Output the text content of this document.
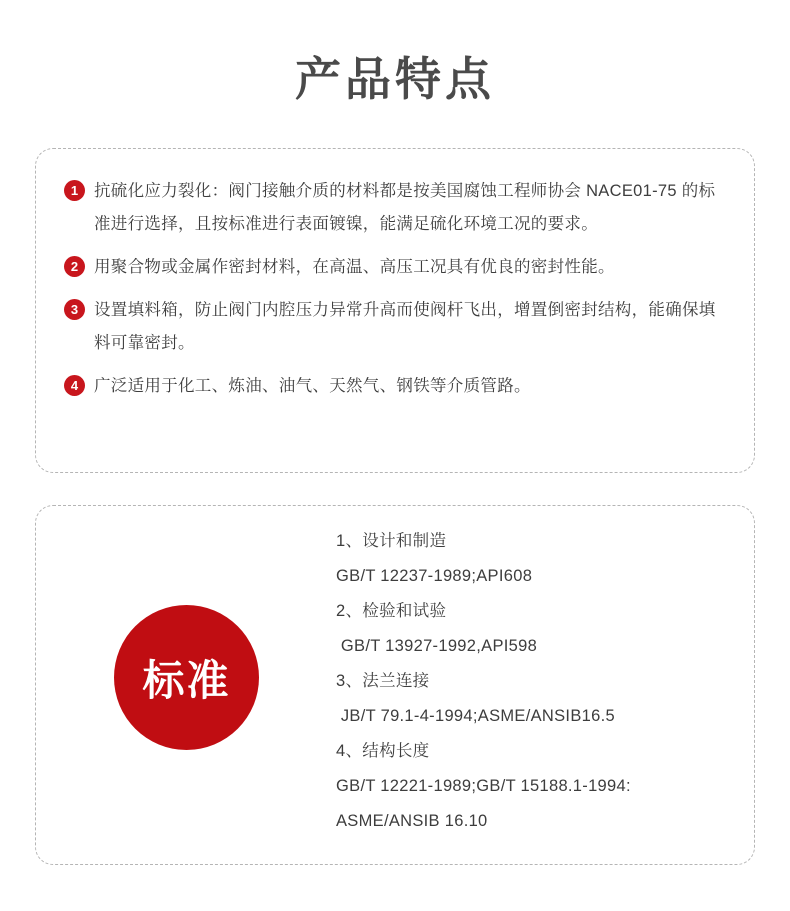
产品特点
1 抗硫化应力裂化：阀门接触介质的材料都是按美国腐蚀工程师协会 NACE01-75 的标准进行选择，且按标准进行表面镀镍，能满足硫化环境工况的要求。
2 用聚合物或金属作密封材料，在高温、高压工况具有优良的密封性能。
3 设置填料箱，防止阀门内腔压力异常升高而使阀杆飞出，增置倒密封结构，能确保填料可靠密封。
4 广泛适用于化工、炼油、油气、天然气、钢铁等介质管路。
标准
1、设计和制造
GB/T 12237-1989;API608
2、检验和试验
GB/T 13927-1992,API598
3、法兰连接
JB/T 79.1-4-1994;ASME/ANSIB16.5
4、结构长度
GB/T 12221-1989;GB/T 15188.1-1994:
ASME/ANSIB 16.10
